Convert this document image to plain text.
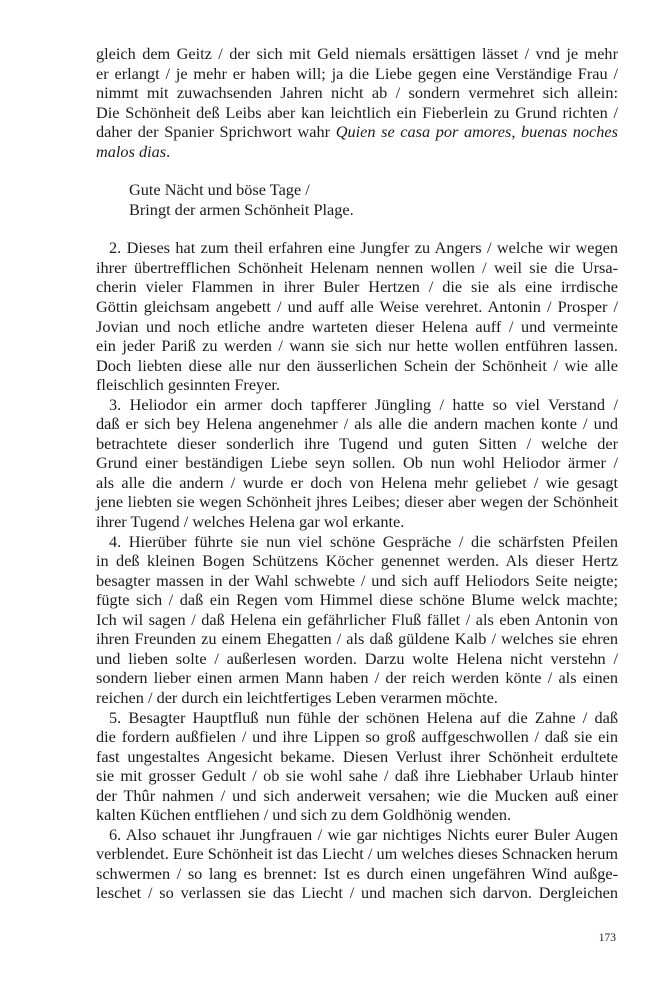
gleich dem Geitz / der sich mit Geld niemals ersättigen lässet / vnd je mehr
er erlangt / je mehr er haben will; ja die Liebe gegen eine Verständige Frau /
nimmt mit zuwachsenden Jahren nicht ab / sondern vermehret sich allein:
Die Schönheit deß Leibs aber kan leichtlich ein Fieberlein zu Grund richten /
daher der Spanier Sprichwort wahr Quien se casa por amores, buenas noches
malos dias.
Gute Nächt und böse Tage /
Bringt der armen Schönheit Plage.
2. Dieses hat zum theil erfahren eine Jungfer zu Angers / welche wir wegen
ihrer übertrefflichen Schönheit Helenam nennen wollen / weil sie die Ursa-
cherin vieler Flammen in ihrer Buler Hertzen / die sie als eine irrdische
Göttin gleichsam angebett / und auff alle Weise verehret. Antonin / Prosper /
Jovian und noch etliche andre warteten dieser Helena auff / und vermeinte
ein jeder Pariß zu werden / wann sie sich nur hette wollen entführen lassen.
Doch liebten diese alle nur den äusserlichen Schein der Schönheit / wie alle
fleischlich gesinnten Freyer.
3. Heliodor ein armer doch tapfferer Jüngling / hatte so viel Verstand /
daß er sich bey Helena angenehmer / als alle die andern machen konte / und
betrachtete dieser sonderlich ihre Tugend und guten Sitten / welche der
Grund einer beständigen Liebe seyn sollen. Ob nun wohl Heliodor ärmer /
als alle die andern / wurde er doch von Helena mehr geliebet / wie gesagt
jene liebten sie wegen Schönheit jhres Leibes; dieser aber wegen der Schönheit
ihrer Tugend / welches Helena gar wol erkante.
4. Hierüber führte sie nun viel schöne Gespräche / die schärfsten Pfeilen
in deß kleinen Bogen Schützens Köcher genennet werden. Als dieser Hertz
besagter massen in der Wahl schwebte / und sich auff Heliodors Seite neigte;
fügte sich / daß ein Regen vom Himmel diese schöne Blume welck machte;
Ich wil sagen / daß Helena ein gefährlicher Fluß fället / als eben Antonin von
ihren Freunden zu einem Ehegatten / als daß güldene Kalb / welches sie ehren
und lieben solte / außerlesen worden. Darzu wolte Helena nicht verstehn /
sondern lieber einen armen Mann haben / der reich werden könte / als einen
reichen / der durch ein leichtfertiges Leben verarmen möchte.
5. Besagter Hauptfluß nun fühle der schönen Helena auf die Zahne / daß
die fordern außfielen / und ihre Lippen so groß auffgeschwollen / daß sie ein
fast ungestaltes Angesicht bekame. Diesen Verlust ihrer Schönheit erdultete
sie mit grosser Gedult / ob sie wohl sahe / daß ihre Liebhaber Urlaub hinter
der Thûr nahmen / und sich anderweit versahen; wie die Mucken auß einer
kalten Küchen entfliehen / und sich zu dem Goldhönig wenden.
6. Also schauet ihr Jungfrauen / wie gar nichtiges Nichts eurer Buler Augen
verblendet. Eure Schönheit ist das Liecht / um welches dieses Schnacken herum
schwermen / so lang es brennet: Ist es durch einen ungefähren Wind außge-
leschet / so verlassen sie das Liecht / und machen sich darvon. Dergleichen
173
